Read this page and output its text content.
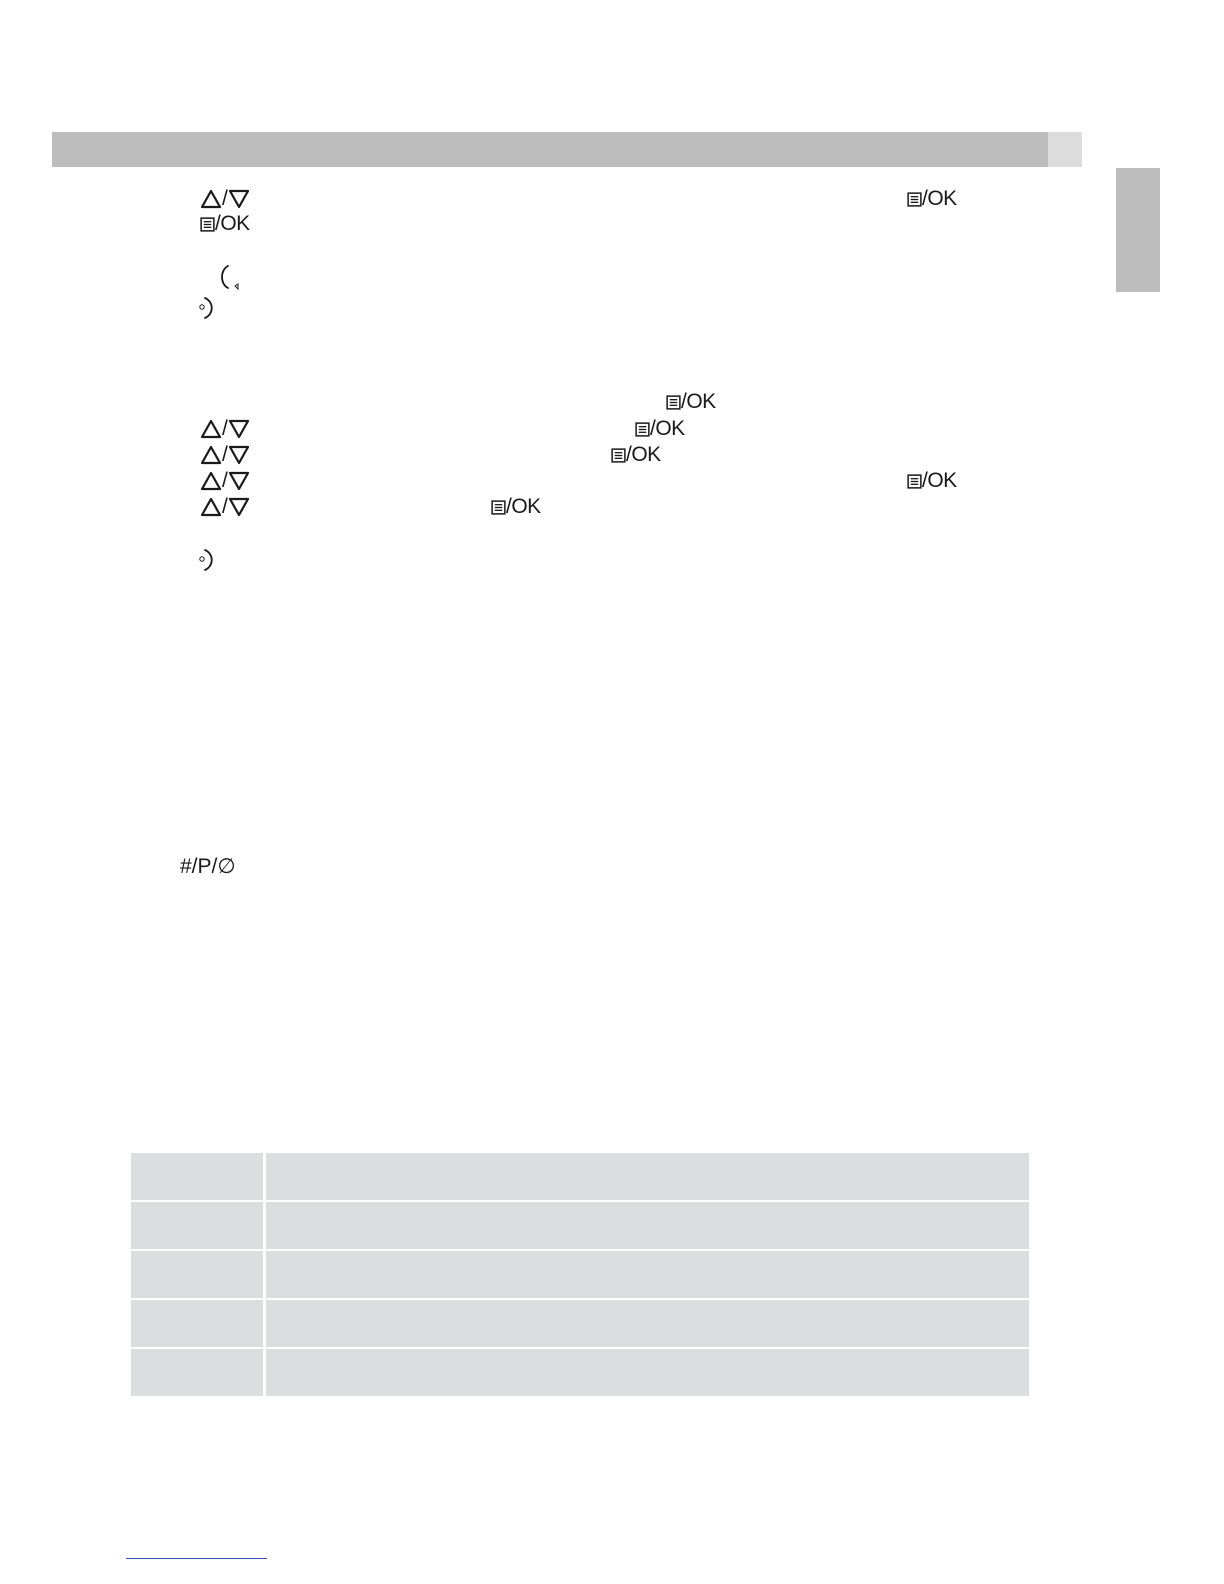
/	/OK
/OK
/OK
/	/OK
/	/OK
/	/OK
/	/OK
#/P/∅
